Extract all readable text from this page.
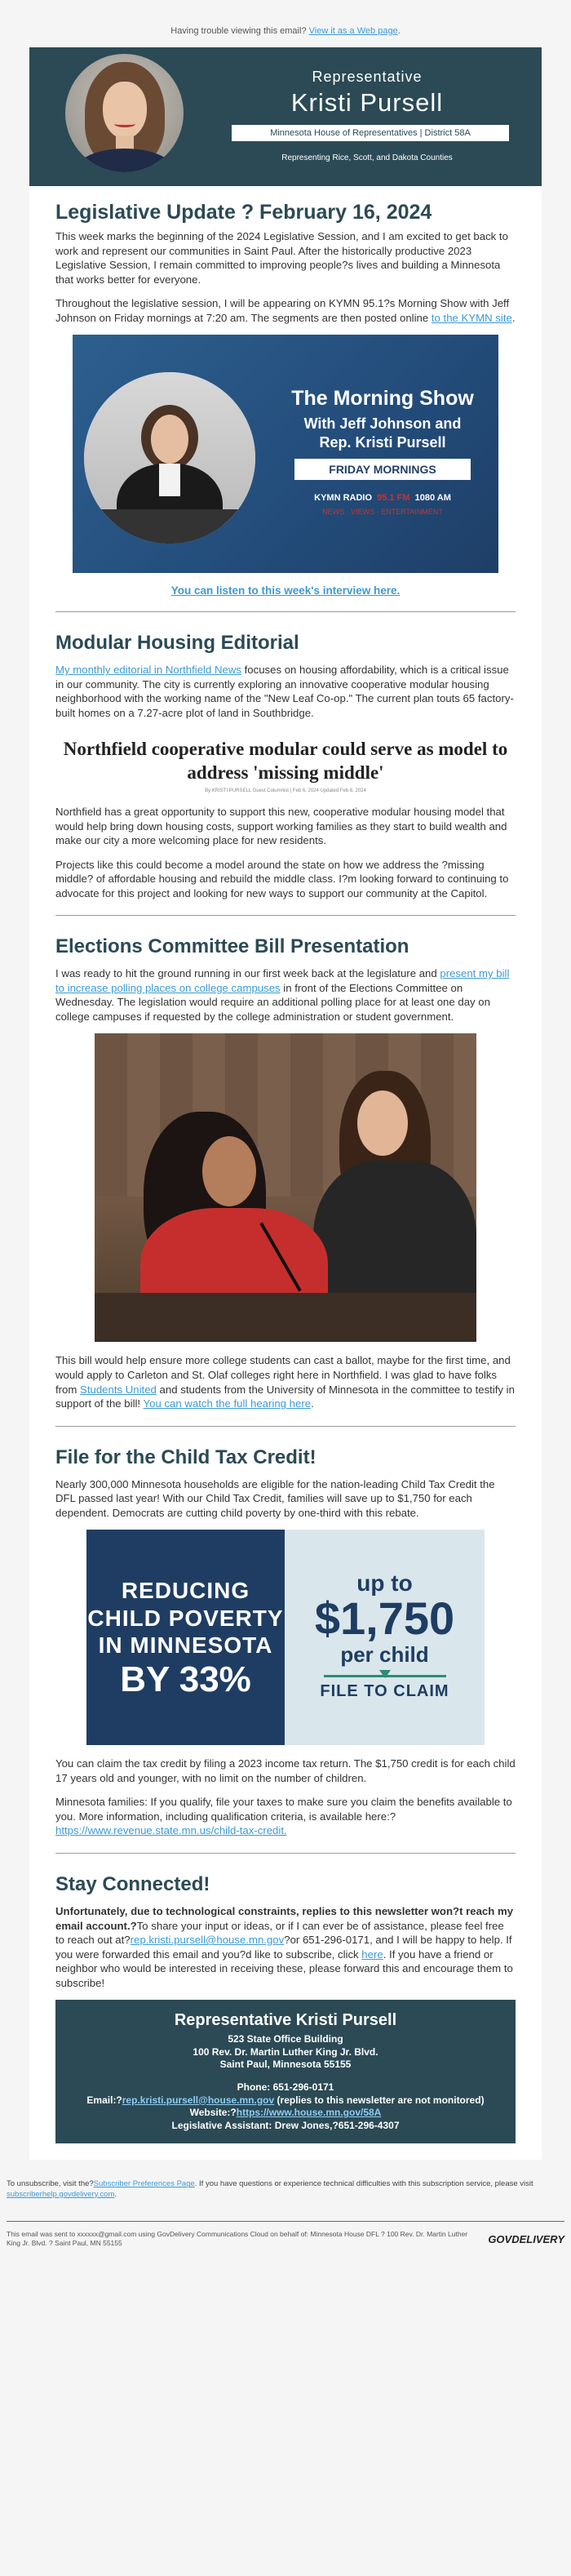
Having trouble viewing this email? View it as a Web page.
Representative
Kristi Pursell
Minnesota House of Representatives | District 58A
Representing Rice, Scott, and Dakota Counties
Legislative Update ? February 16, 2024

This week marks the beginning of the 2024 Legislative Session, and I am excited to get back to work and represent our communities in Saint Paul. After the historically productive 2023 Legislative Session, I remain committed to improving people?s lives and building a Minnesota that works better for everyone.

Throughout the legislative session, I will be appearing on KYMN 95.1?s Morning Show with Jeff Johnson on Friday mornings at 7:20 am. The segments are then posted online to the KYMN site.

The Morning Show
With Jeff Johnson and
Rep. Kristi Pursell
FRIDAY MORNINGS
KYMN RADIO 95.1 FM 1080 AM
NEWS · VIEWS · ENTERTAINMENT
You can listen to this week's interview here.
Modular Housing Editorial

My monthly editorial in Northfield News focuses on housing affordability, which is a critical issue in our community. The city is currently exploring an innovative cooperative modular housing neighborhood with the working name of the "New Leaf Co-op." The current plan touts 65 factory-built homes on a 7.27-acre plot of land in Southbridge.

Northfield cooperative modular could serve as model to address 'missing middle'
By KRISTI PURSELL Guest Columnist | Feb 6, 2024 Updated Feb 6, 2024

Northfield has a great opportunity to support this new, cooperative modular housing model that would help bring down housing costs, support working families as they start to build wealth and make our city a more welcoming place for new residents.

Projects like this could become a model around the state on how we address the ?missing middle? of affordable housing and rebuild the middle class. I?m looking forward to continuing to advocate for this project and looking for new ways to support our community at the Capitol.

Elections Committee Bill Presentation

I was ready to hit the ground running in our first week back at the legislature and present my bill to increase polling places on college campuses in front of the Elections Committee on Wednesday. The legislation would require an additional polling place for at least one day on college campuses if requested by the college administration or student government.

This bill would help ensure more college students can cast a ballot, maybe for the first time, and would apply to Carleton and St. Olaf colleges right here in Northfield. I was glad to have folks from Students United and students from the University of Minnesota in the committee to testify in support of the bill! You can watch the full hearing here.

File for the Child Tax Credit!

Nearly 300,000 Minnesota households are eligible for the nation-leading Child Tax Credit the DFL passed last year! With our Child Tax Credit, families will save up to $1,750 for each dependent. Democrats are cutting child poverty by one-third with this rebate.

REDUCING
CHILD POVERTY
IN MINNESOTA
BY 33%
up to
$1,750
per child
FILE TO CLAIM

You can claim the tax credit by filing a 2023 income tax return. The $1,750 credit is for each child 17 years old and younger, with no limit on the number of children.

Minnesota families: If you qualify, file your taxes to make sure you claim the benefits available to you. More information, including qualification criteria, is available here:? https://www.revenue.state.mn.us/child-tax-credit.

Stay Connected!

Unfortunately, due to technological constraints, replies to this newsletter won?t reach my email account.?To share your input or ideas, or if I can ever be of assistance, please feel free to reach out at?rep.kristi.pursell@house.mn.gov?or 651-296-0171, and I will be happy to help. If you were forwarded this email and you?d like to subscribe, click here. If you have a friend or neighbor who would be interested in receiving these, please forward this and encourage them to subscribe!

Representative Kristi Pursell
523 State Office Building
100 Rev. Dr. Martin Luther King Jr. Blvd.
Saint Paul, Minnesota 55155
Phone: 651-296-0171
Email:?rep.kristi.pursell@house.mn.gov (replies to this newsletter are not monitored)
Website:?https://www.house.mn.gov/58A
Legislative Assistant: Drew Jones,?651-296-4307
To unsubscribe, visit the?Subscriber Preferences Page. If you have questions or experience technical difficulties with this subscription service, please visit subscriberhelp.govdelivery.com.
This email was sent to xxxxxx@gmail.com using GovDelivery Communications Cloud on behalf of: Minnesota House DFL ? 100 Rev. Dr. Martin Luther King Jr. Blvd. ? Saint Paul, MN 55155	GOVDELIVERY
